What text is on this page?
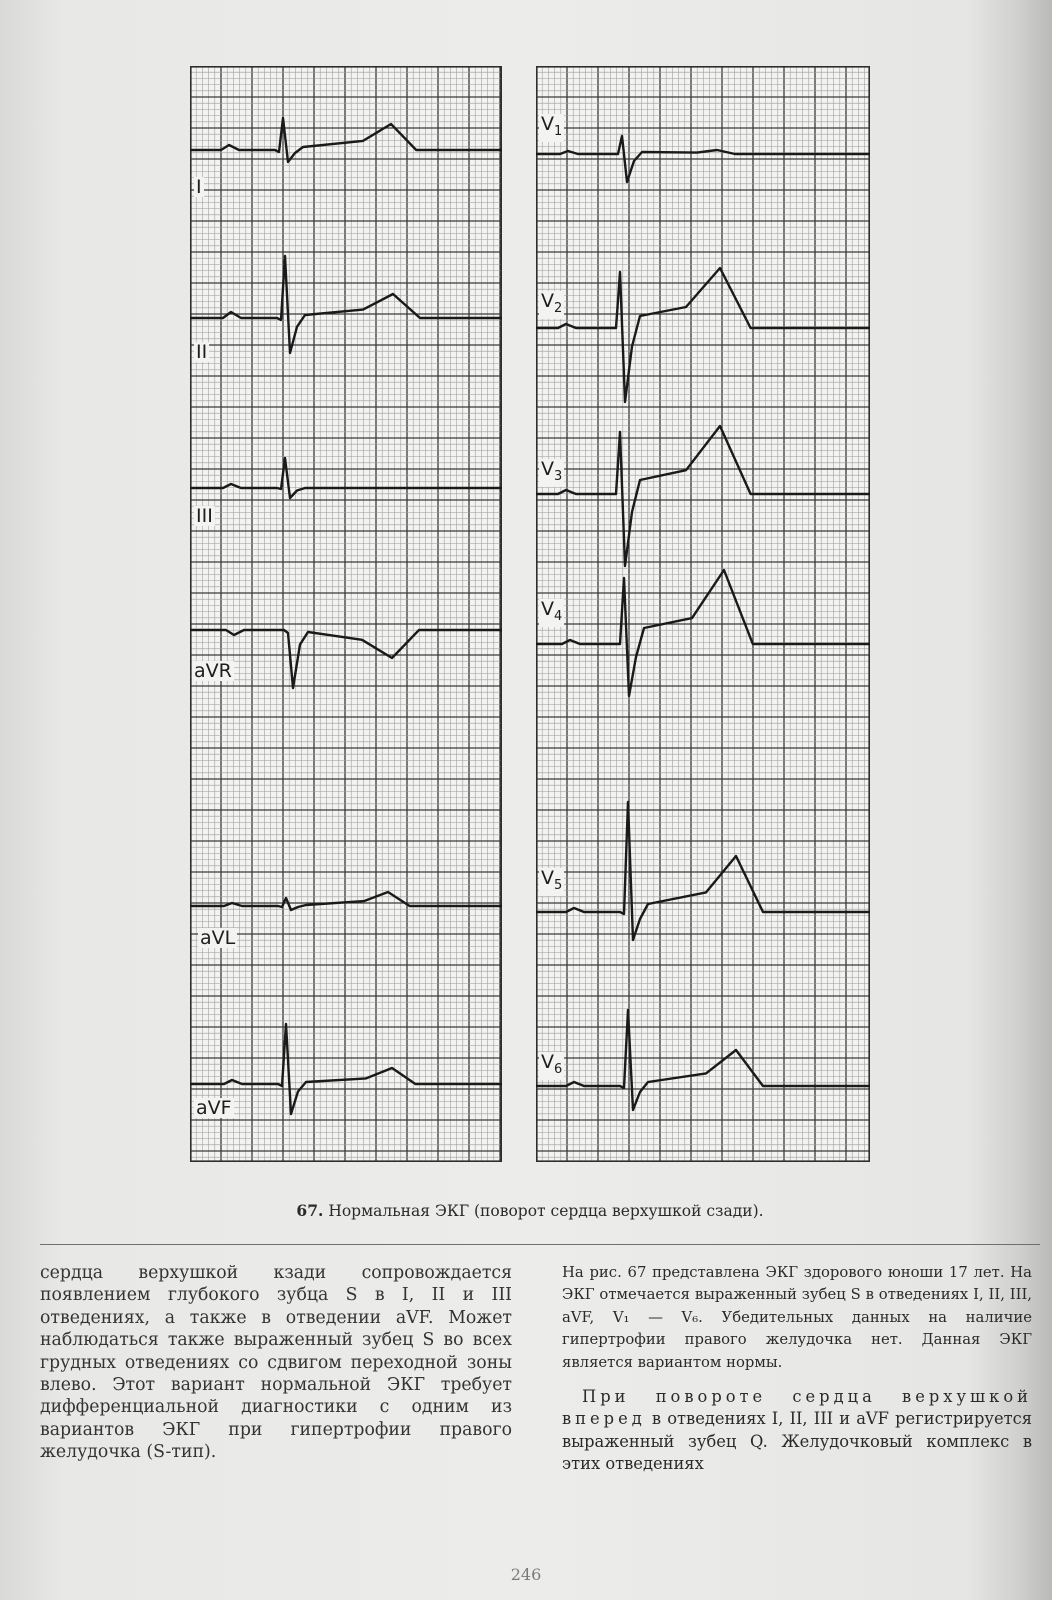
I
II
III
aVR
aVL
aVF
$V_1$
$V_2$
$V_3$
$V_4$
$V_5$
$V_6$
67. Нормальная ЭКГ (поворот сердца верхушкой сзади).
сердца верхушкой кзади сопровождается появлением глубокого зубца S в I, II и III отведениях, а также в отведении aVF. Может наблюдаться также выраженный зубец S во всех грудных отведениях со сдвигом переходной зоны влево. Этот вариант нормальной ЭКГ требует дифференциальной диагностики с одним из вариантов ЭКГ при гипертрофии правого желудочка (S-тип).

На рис. 67 представлена ЭКГ здорового юноши 17 лет. На ЭКГ отмечается выраженный зубец S в отведениях I, II, III, aVF, V₁ — V₆. Убедительных данных на наличие гипертрофии правого желудочка нет. Данная ЭКГ является вариантом нормы.

При повороте сердца верхушкой вперед в отведениях I, II, III и aVF регистрируется выраженный зубец Q. Желудочковый комплекс в этих отведениях

246
